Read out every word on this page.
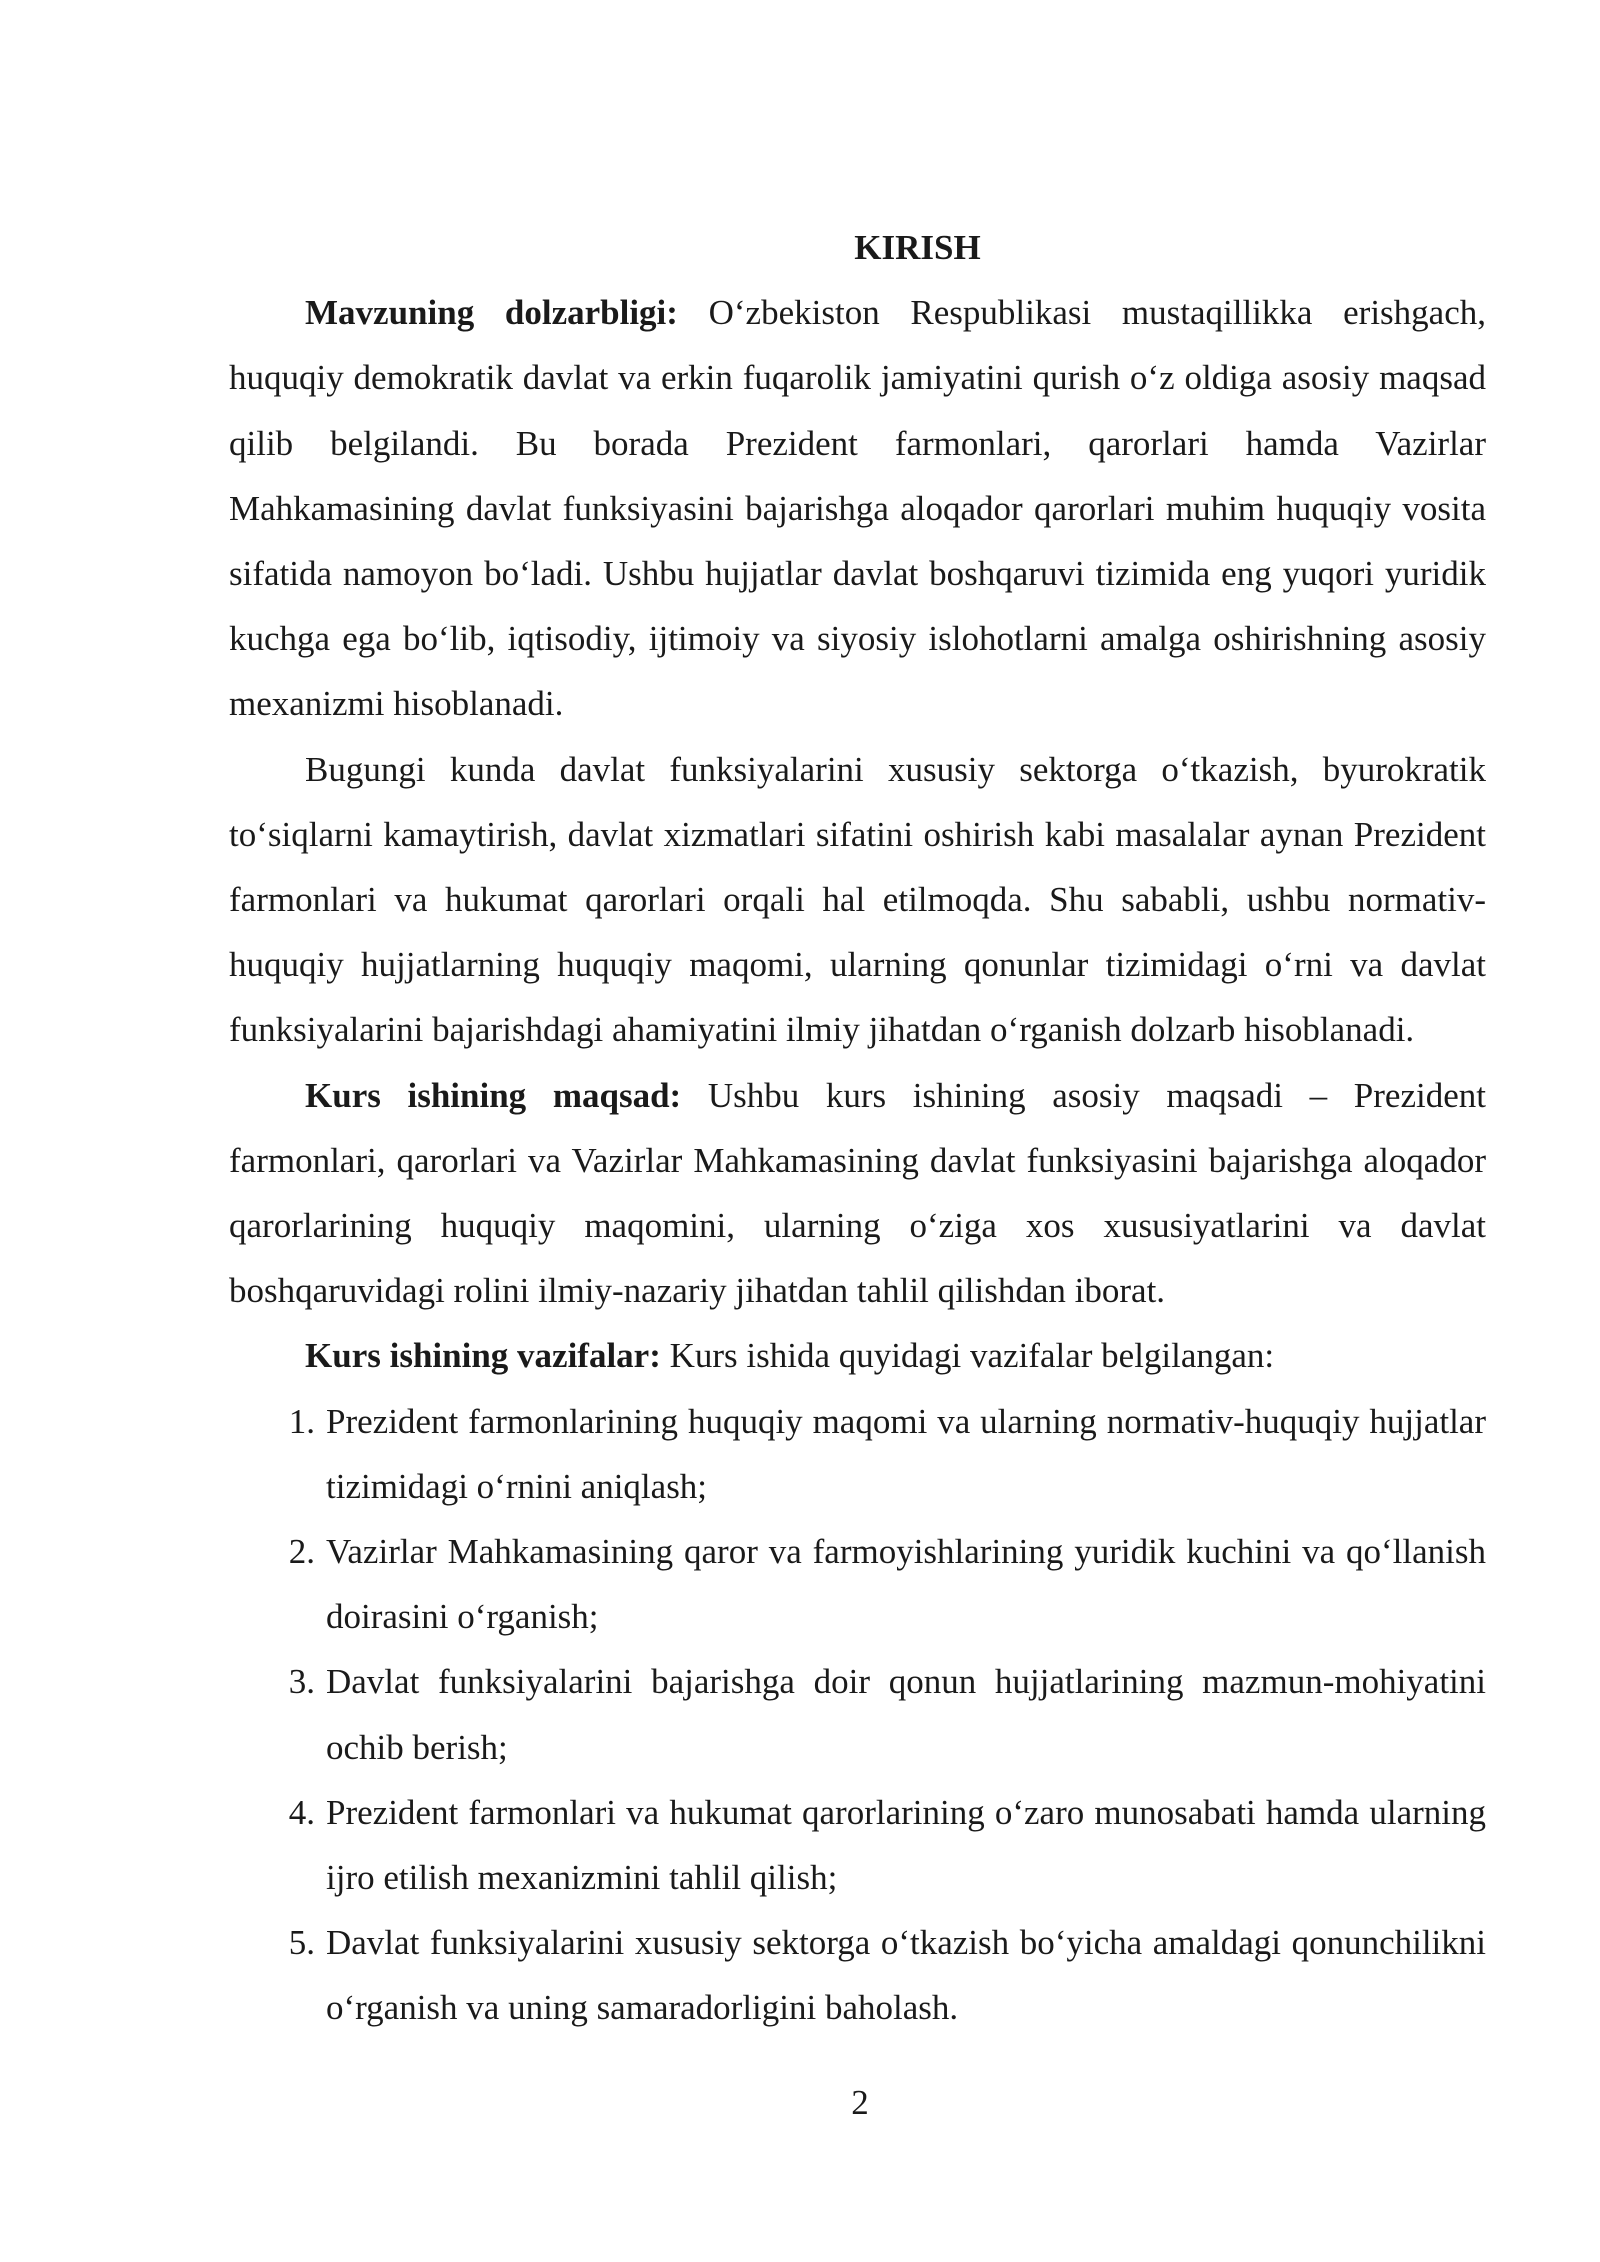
KIRISH

Mavzuning dolzarbligi: O‘zbekiston Respublikasi mustaqillikka erishgach, huquqiy demokratik davlat va erkin fuqarolik jamiyatini qurish o‘z oldiga asosiy maqsad qilib belgilandi. Bu borada Prezident farmonlari, qarorlari hamda Vazirlar Mahkamasining davlat funksiyasini bajarishga aloqador qarorlari muhim huquqiy vosita sifatida namoyon bo‘ladi. Ushbu hujjatlar davlat boshqaruvi tizimida eng yuqori yuridik kuchga ega bo‘lib, iqtisodiy, ijtimoiy va siyosiy islohotlarni amalga oshirishning asosiy mexanizmi hisoblanadi.

Bugungi kunda davlat funksiyalarini xususiy sektorga o‘tkazish, byurokratik to‘siqlarni kamaytirish, davlat xizmatlari sifatini oshirish kabi masalalar aynan Prezident farmonlari va hukumat qarorlari orqali hal etilmoqda. Shu sababli, ushbu normativ-huquqiy hujjatlarning huquqiy maqomi, ularning qonunlar tizimidagi o‘rni va davlat funksiyalarini bajarishdagi ahamiyatini ilmiy jihatdan o‘rganish dolzarb hisoblanadi.

Kurs ishining maqsad: Ushbu kurs ishining asosiy maqsadi – Prezident farmonlari, qarorlari va Vazirlar Mahkamasining davlat funksiyasini bajarishga aloqador qarorlarining huquqiy maqomini, ularning o‘ziga xos xususiyatlarini va davlat boshqaruvidagi rolini ilmiy-nazariy jihatdan tahlil qilishdan iborat.

Kurs ishining vazifalar: Kurs ishida quyidagi vazifalar belgilangan:

1. Prezident farmonlarining huquqiy maqomi va ularning normativ-huquqiy hujjatlar tizimidagi o‘rnini aniqlash;
2. Vazirlar Mahkamasining qaror va farmoyishlarining yuridik kuchini va qo‘llanish doirasini o‘rganish;
3. Davlat funksiyalarini bajarishga doir qonun hujjatlarining mazmun-mohiyatini ochib berish;
4. Prezident farmonlari va hukumat qarorlarining o‘zaro munosabati hamda ularning ijro etilish mexanizmini tahlil qilish;
5. Davlat funksiyalarini xususiy sektorga o‘tkazish bo‘yicha amaldagi qonunchilikni o‘rganish va uning samaradorligini baholash.
2
